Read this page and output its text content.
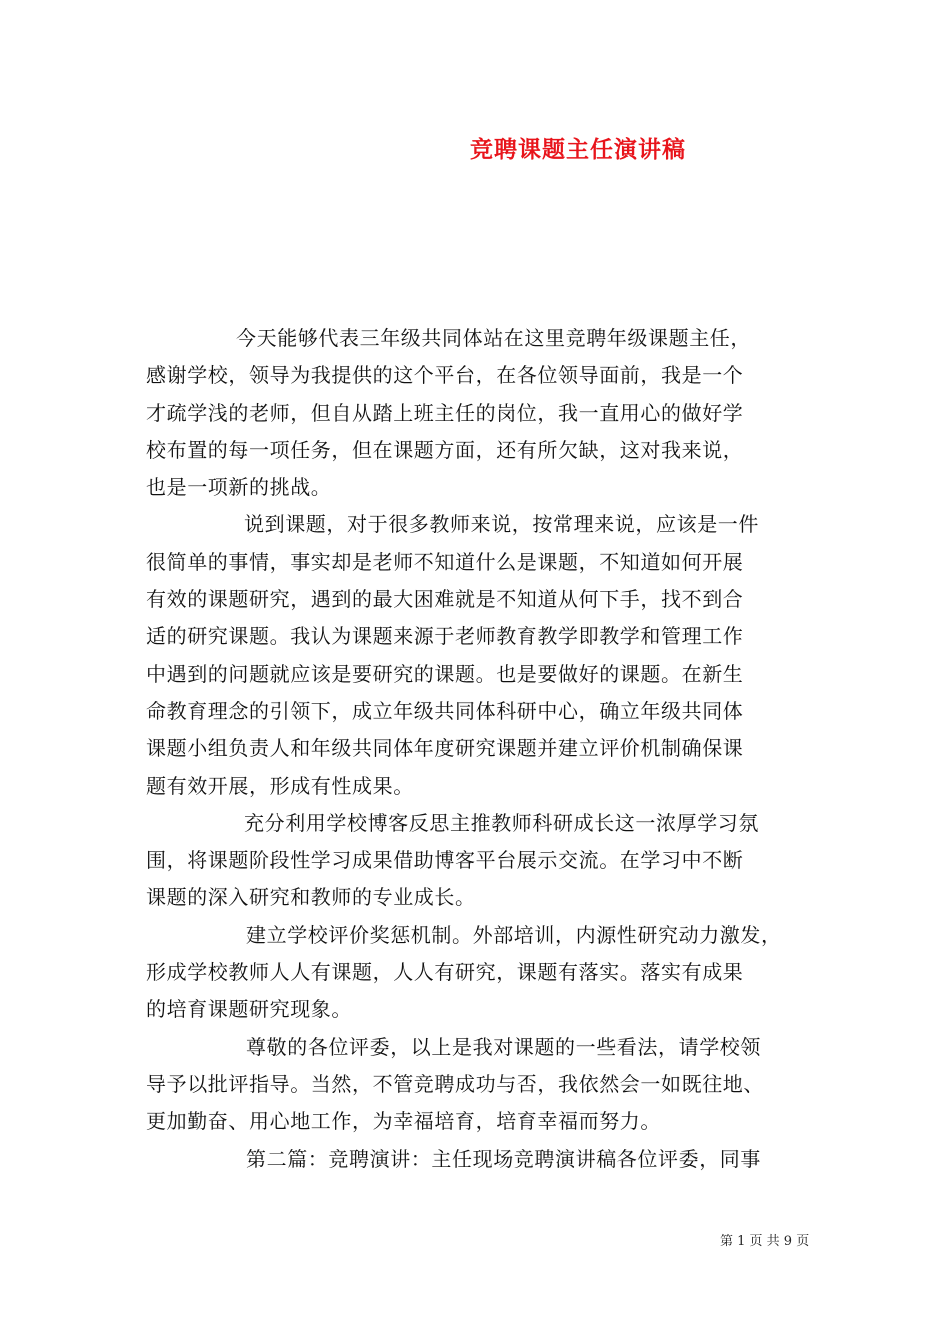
竞聘课题主任演讲稿
今天能够代表三年级共同体站在这里竞聘年级课题主任，
感谢学校，领导为我提供的这个平台，在各位领导面前，我是一个
才疏学浅的老师，但自从踏上班主任的岗位，我一直用心的做好学
校布置的每一项任务，但在课题方面，还有所欠缺，这对我来说，
也是一项新的挑战。
说到课题，对于很多教师来说，按常理来说，应该是一件
很简单的事情，事实却是老师不知道什么是课题，不知道如何开展
有效的课题研究，遇到的最大困难就是不知道从何下手，找不到合
适的研究课题。我认为课题来源于老师教育教学即教学和管理工作
中遇到的问题就应该是要研究的课题。也是要做好的课题。在新生
命教育理念的引领下，成立年级共同体科研中心，确立年级共同体
课题小组负责人和年级共同体年度研究课题并建立评价机制确保课
题有效开展，形成有性成果。
充分利用学校博客反思主推教师科研成长这一浓厚学习氛
围，将课题阶段性学习成果借助博客平台展示交流。在学习中不断
课题的深入研究和教师的专业成长。
建立学校评价奖惩机制。外部培训，内源性研究动力激发，
形成学校教师人人有课题，人人有研究，课题有落实。落实有成果
的培育课题研究现象。
尊敬的各位评委，以上是我对课题的一些看法，请学校领
导予以批评指导。当然，不管竞聘成功与否，我依然会一如既往地、
更加勤奋、用心地工作，为幸福培育，培育幸福而努力。
第二篇：竞聘演讲：主任现场竞聘演讲稿各位评委，同事
第 1 页 共 9 页
